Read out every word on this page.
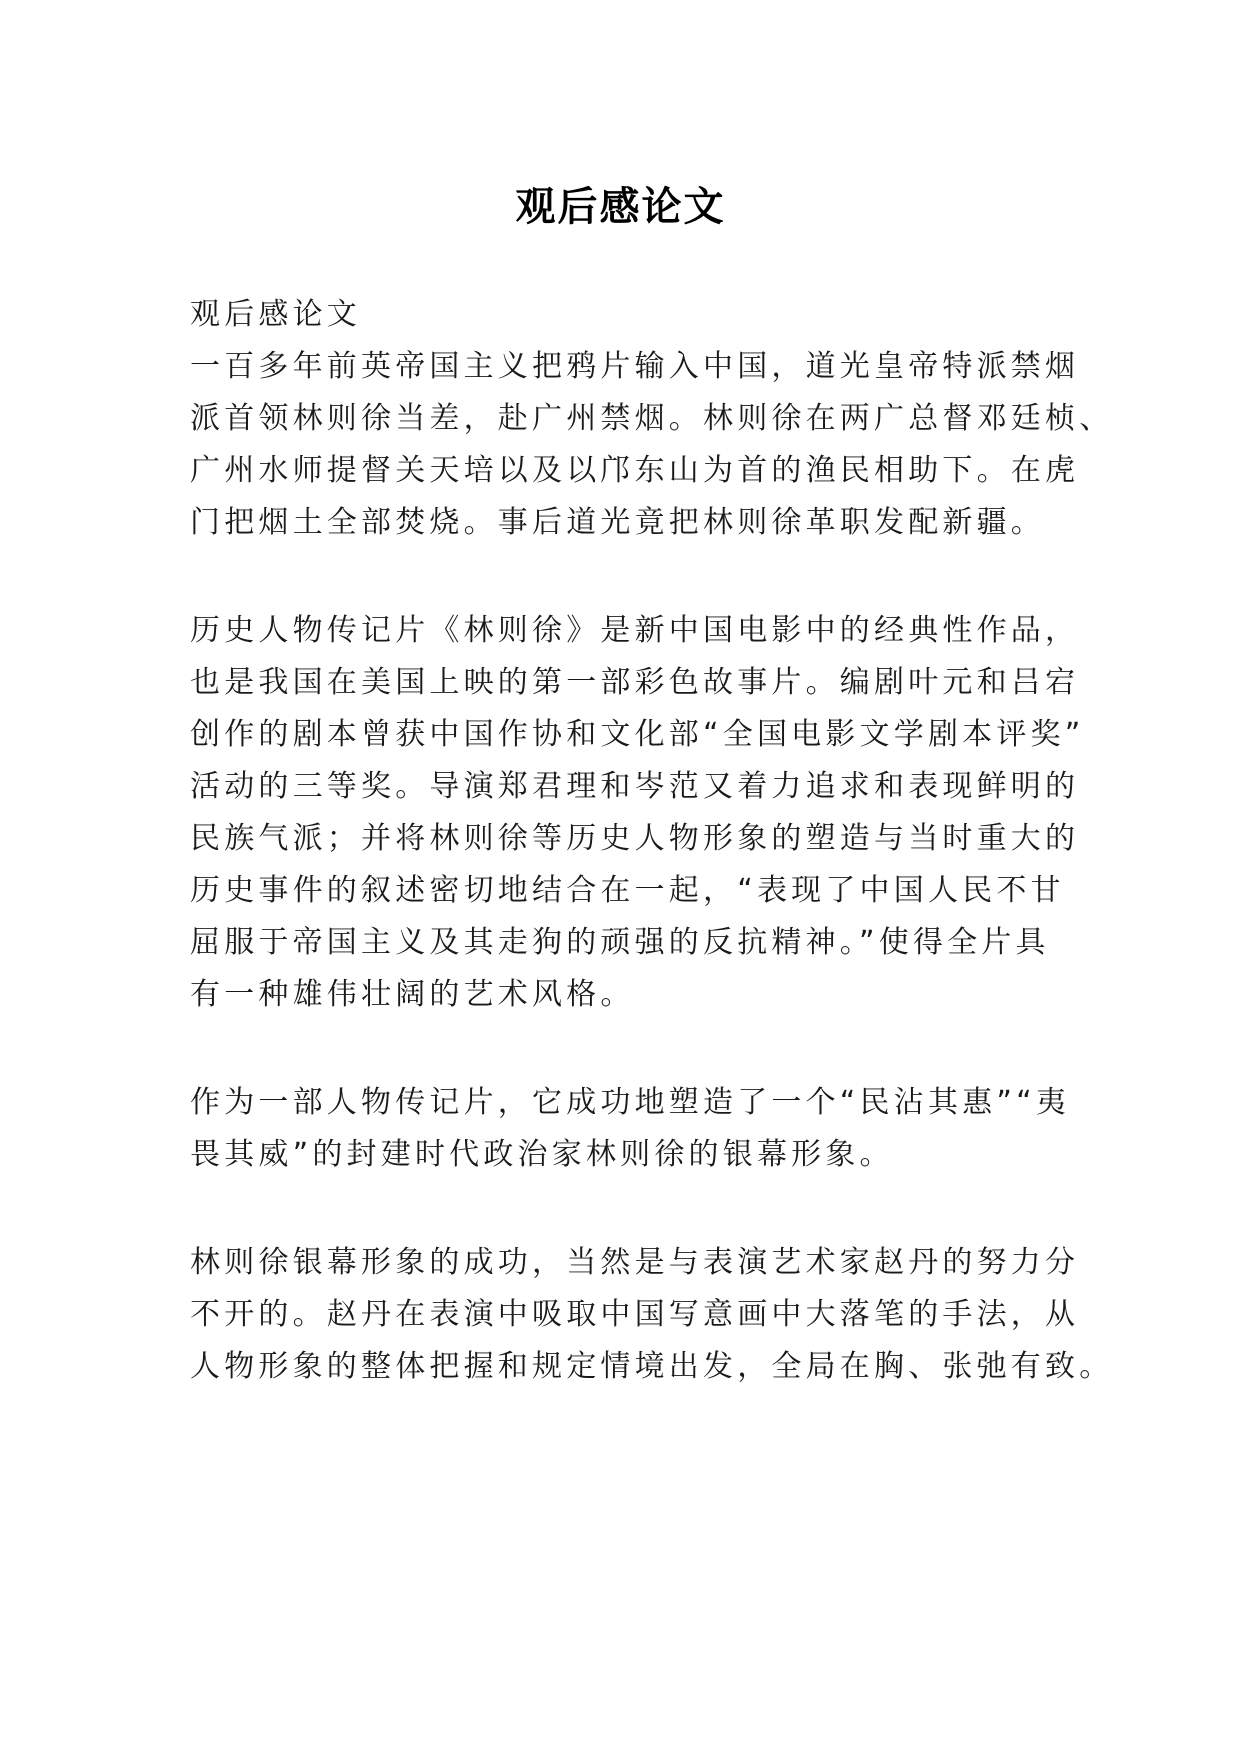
观后感论文

观后感论文

一百多年前英帝国主义把鸦片输入中国，道光皇帝特派禁烟
派首领林则徐当差，赴广州禁烟。林则徐在两广总督邓廷桢、
广州水师提督关天培以及以邝东山为首的渔民相助下。在虎
门把烟土全部焚烧。事后道光竟把林则徐革职发配新疆。

历史人物传记片《林则徐》是新中国电影中的经典性作品，
也是我国在美国上映的第一部彩色故事片。编剧叶元和吕宕
创作的剧本曾获中国作协和文化部“全国电影文学剧本评奖”
活动的三等奖。导演郑君理和岑范又着力追求和表现鲜明的
民族气派；并将林则徐等历史人物形象的塑造与当时重大的
历史事件的叙述密切地结合在一起，“表现了中国人民不甘
屈服于帝国主义及其走狗的顽强的反抗精神。”使得全片具
有一种雄伟壮阔的艺术风格。

作为一部人物传记片，它成功地塑造了一个“民沾其惠”“夷
畏其威”的封建时代政治家林则徐的银幕形象。

林则徐银幕形象的成功，当然是与表演艺术家赵丹的努力分
不开的。赵丹在表演中吸取中国写意画中大落笔的手法，从
人物形象的整体把握和规定情境出发，全局在胸、张弛有致。
